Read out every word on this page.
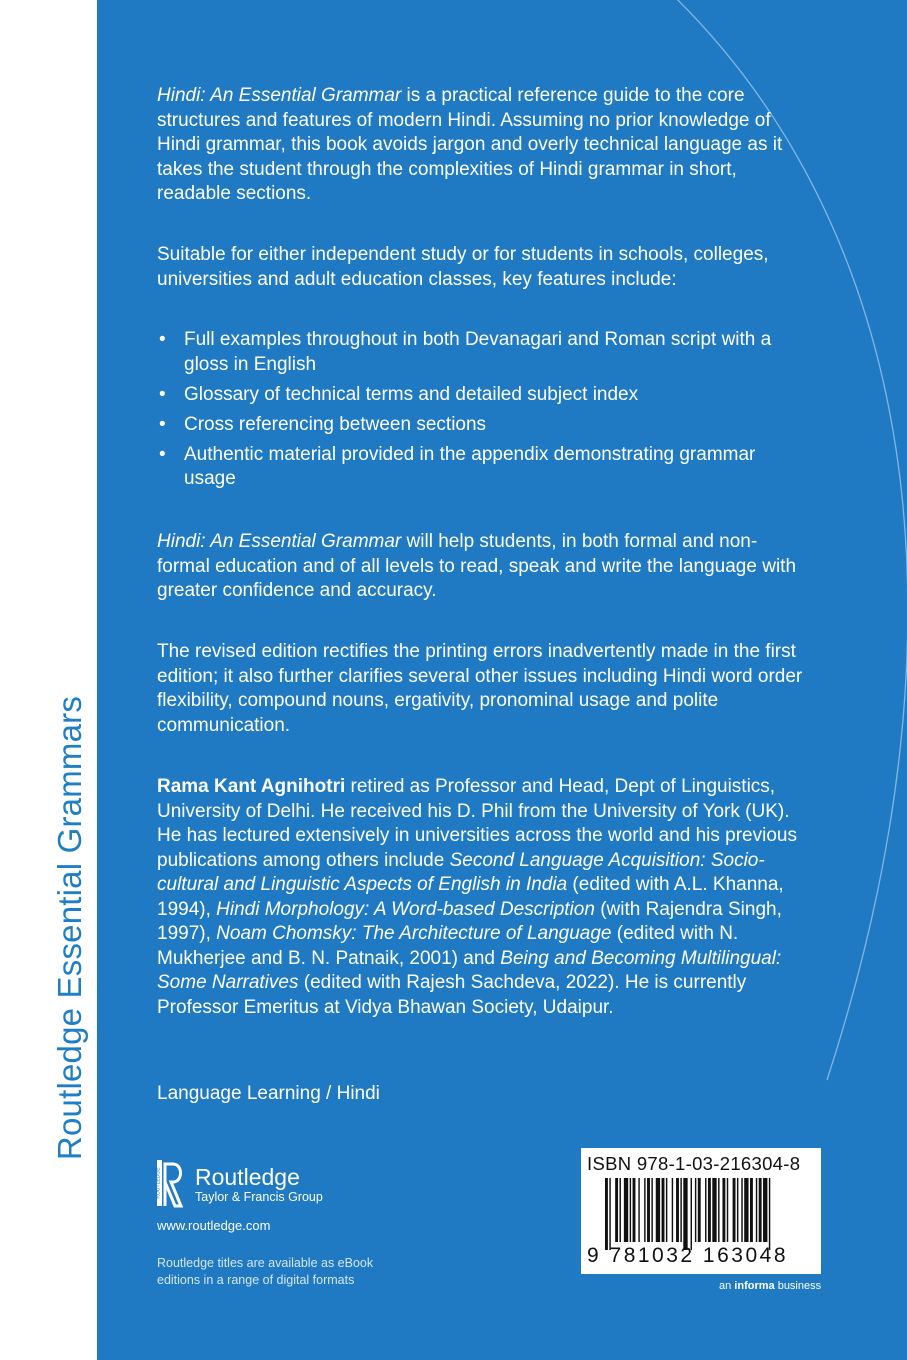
Routledge Essential Grammars

Hindi: An Essential Grammar is a practical reference guide to the core structures and features of modern Hindi. Assuming no prior knowledge of Hindi grammar, this book avoids jargon and overly technical language as it takes the student through the complexities of Hindi grammar in short, readable sections.

Suitable for either independent study or for students in schools, colleges, universities and adult education classes, key features include:
• Full examples throughout in both Devanagari and Roman script with a gloss in English
• Glossary of technical terms and detailed subject index
• Cross referencing between sections
• Authentic material provided in the appendix demonstrating grammar usage

Hindi: An Essential Grammar will help students, in both formal and non-formal education and of all levels to read, speak and write the language with greater confidence and accuracy.

The revised edition rectifies the printing errors inadvertently made in the first edition; it also further clarifies several other issues including Hindi word order flexibility, compound nouns, ergativity, pronominal usage and polite communication.

Rama Kant Agnihotri retired as Professor and Head, Dept of Linguistics, University of Delhi. He received his D. Phil from the University of York (UK). He has lectured extensively in universities across the world and his previous publications among others include Second Language Acquisition: Socio-cultural and Linguistic Aspects of English in India (edited with A.L. Khanna, 1994), Hindi Morphology: A Word-based Description (with Rajendra Singh, 1997), Noam Chomsky: The Architecture of Language (edited with N. Mukherjee and B. N. Patnaik, 2001) and Being and Becoming Multilingual: Some Narratives (edited with Rajesh Sachdeva, 2022). He is currently Professor Emeritus at Vidya Bhawan Society, Udaipur.

Language Learning / Hindi
ROUTLEDGE Routledge
Taylor & Francis Group
www.routledge.com
Routledge titles are available as eBook editions in a range of digital formats
ISBN 978-1-03-216304-8
9 781032 163048
an informa business
